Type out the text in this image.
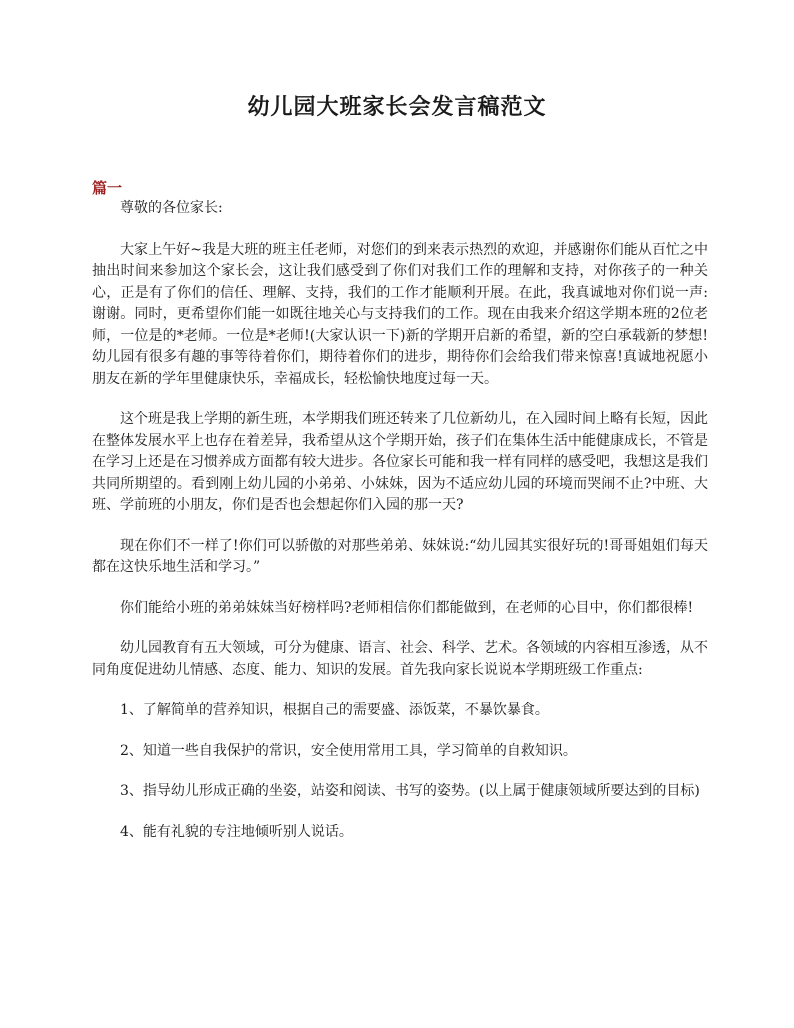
幼儿园大班家长会发言稿范文
篇一

尊敬的各位家长:

大家上午好~我是大班的班主任老师，对您们的到来表示热烈的欢迎，并感谢你们能从百忙之中抽出时间来参加这个家长会，这让我们感受到了你们对我们工作的理解和支持，对你孩子的一种关心，正是有了你们的信任、理解、支持，我们的工作才能顺利开展。在此，我真诚地对你们说一声:谢谢。同时，更希望你们能一如既往地关心与支持我们的工作。现在由我来介绍这学期本班的2位老师，一位是的*老师。一位是*老师!(大家认识一下)新的学期开启新的希望，新的空白承载新的梦想!幼儿园有很多有趣的事等待着你们，期待着你们的进步，期待你们会给我们带来惊喜!真诚地祝愿小朋友在新的学年里健康快乐，幸福成长，轻松愉快地度过每一天。

这个班是我上学期的新生班，本学期我们班还转来了几位新幼儿，在入园时间上略有长短，因此在整体发展水平上也存在着差异，我希望从这个学期开始，孩子们在集体生活中能健康成长，不管是在学习上还是在习惯养成方面都有较大进步。各位家长可能和我一样有同样的感受吧，我想这是我们共同所期望的。看到刚上幼儿园的小弟弟、小妹妹，因为不适应幼儿园的环境而哭闹不止?中班、大班、学前班的小朋友，你们是否也会想起你们入园的那一天?

现在你们不一样了!你们可以骄傲的对那些弟弟、妹妹说:“幼儿园其实很好玩的!哥哥姐姐们每天都在这快乐地生活和学习。”

你们能给小班的弟弟妹妹当好榜样吗?老师相信你们都能做到，在老师的心目中，你们都很棒!

幼儿园教育有五大领域，可分为健康、语言、社会、科学、艺术。各领域的内容相互渗透，从不同角度促进幼儿情感、态度、能力、知识的发展。首先我向家长说说本学期班级工作重点:

1、了解简单的营养知识，根据自己的需要盛、添饭菜，不暴饮暴食。

2、知道一些自我保护的常识，安全使用常用工具，学习简单的自救知识。

3、指导幼儿形成正确的坐姿，站姿和阅读、书写的姿势。(以上属于健康领域所要达到的目标)

4、能有礼貌的专注地倾听别人说话。
